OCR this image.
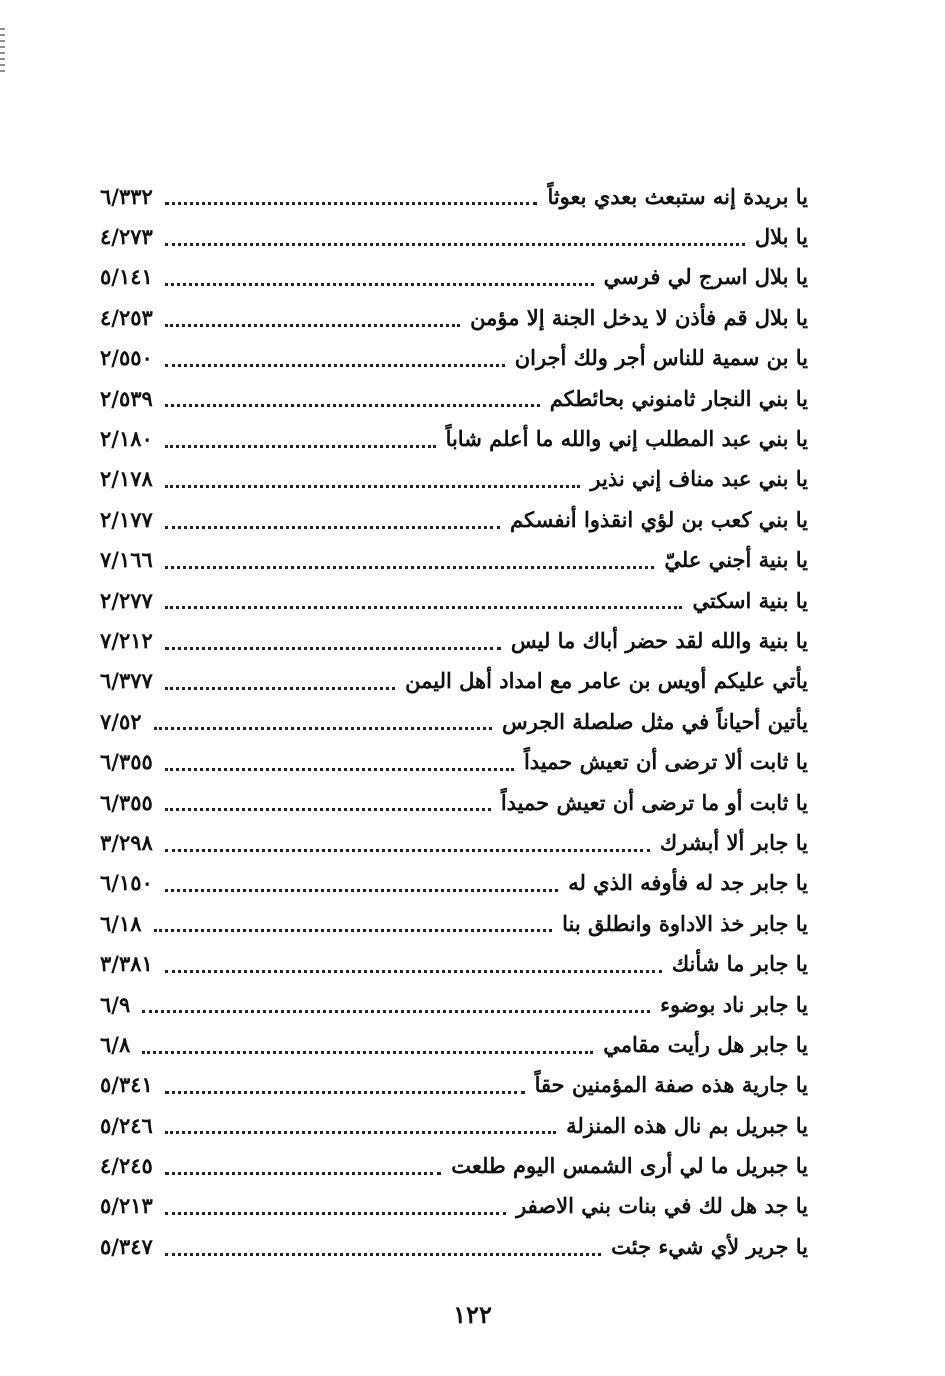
يا بريدة إنه ستبعث بعدي بعوثاً
٦/٣٣٢
يا بلال
٤/٢٧٣
يا بلال اسرج لي فرسي
٥/١٤١
يا بلال قم فأذن لا يدخل الجنة إلا مؤمن
٤/٢٥٣
يا بن سمية للناس أجر ولك أجران
٢/٥٥٠
يا بني النجار ثامنوني بحائطكم
٢/٥٣٩
يا بني عبد المطلب إني والله ما أعلم شاباً
٢/١٨٠
يا بني عبد مناف إني نذير
٢/١٧٨
يا بني كعب بن لؤي انقذوا أنفسكم
٢/١٧٧
يا بنية أجني عليّ
٧/١٦٦
يا بنية اسكتي
٢/٢٧٧
يا بنية والله لقد حضر أباك ما ليس
٧/٢١٢
يأتي عليكم أويس بن عامر مع امداد أهل اليمن
٦/٣٧٧
يأتين أحياناً في مثل صلصلة الجرس
٧/٥٢
يا ثابت ألا ترضى أن تعيش حميداً
٦/٣٥٥
يا ثابت أو ما ترضى أن تعيش حميداً
٦/٣٥٥
يا جابر ألا أبشرك
٣/٢٩٨
يا جابر جد له فأوفه الذي له
٦/١٥٠
يا جابر خذ الاداوة وانطلق بنا
٦/١٨
يا جابر ما شأنك
٣/٣٨١
يا جابر ناد بوضوء
٦/٩
يا جابر هل رأيت مقامي
٦/٨
يا جارية هذه صفة المؤمنين حقاً
٥/٣٤١
يا جبريل بم نال هذه المنزلة
٥/٢٤٦
يا جبريل ما لي أرى الشمس اليوم طلعت
٤/٢٤٥
يا جد هل لك في بنات بني الاصفر
٥/٢١٣
يا جرير لأي شيء جئت
٥/٣٤٧
١٢٢
